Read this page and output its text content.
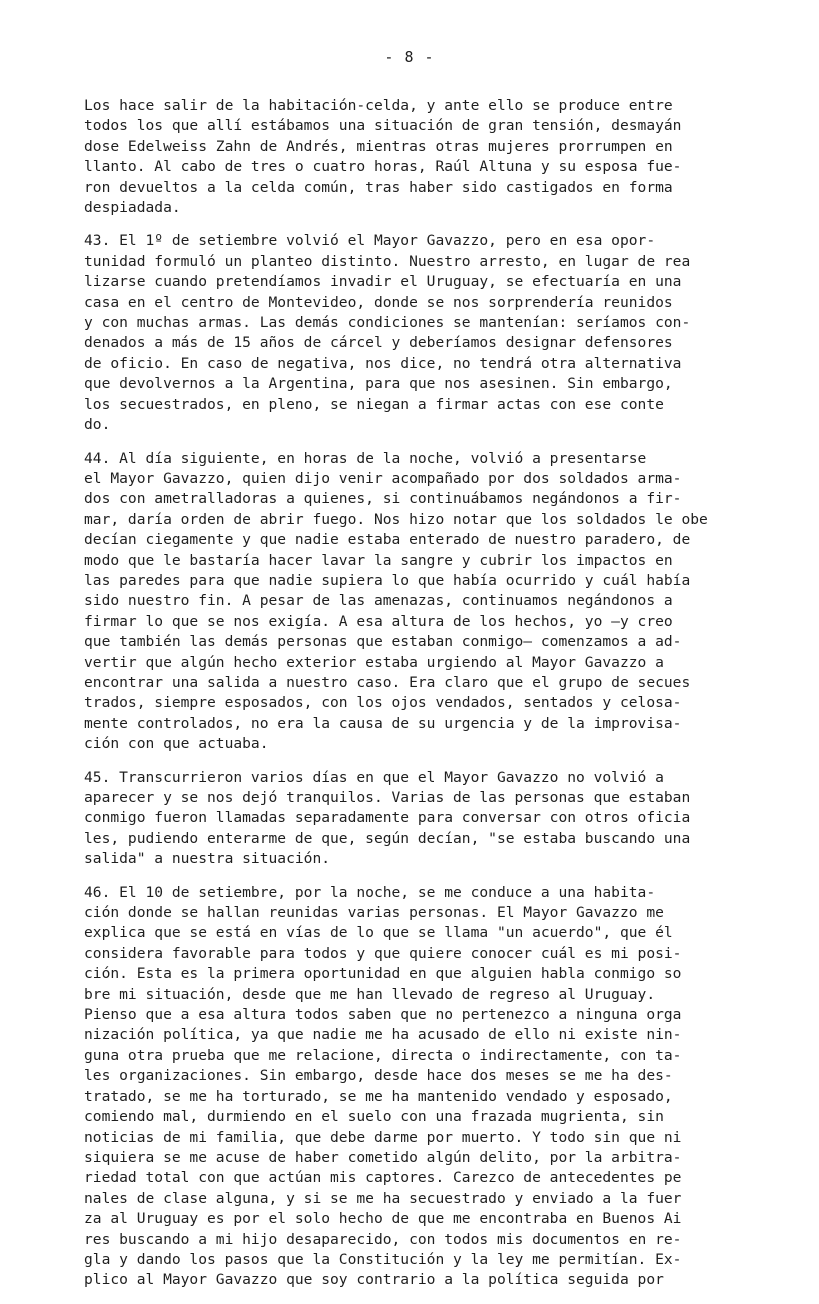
- 8 -

Los hace salir de la habitación-celda, y ante ello se produce entre
todos los que allí estábamos una situación de gran tensión, desmayán
dose Edelweiss Zahn de Andrés, mientras otras mujeres prorrumpen en
llanto. Al cabo de tres o cuatro horas, Raúl Altuna y su esposa fue-
ron devueltos a la celda común, tras haber sido castigados en forma
despiadada.

43. El 1º de setiembre volvió el Mayor Gavazzo, pero en esa opor-
tunidad formuló un planteo distinto. Nuestro arresto, en lugar de rea
lizarse cuando pretendíamos invadir el Uruguay, se efectuaría en una
casa en el centro de Montevideo, donde se nos sorprendería reunidos
y con muchas armas. Las demás condiciones se mantenían: seríamos con-
denados a más de 15 años de cárcel y deberíamos designar defensores
de oficio. En caso de negativa, nos dice, no tendrá otra alternativa
que devolvernos a la Argentina, para que nos asesinen. Sin embargo,
los secuestrados, en pleno, se niegan a firmar actas con ese conte
do.

44. Al día siguiente, en horas de la noche, volvió a presentarse
el Mayor Gavazzo, quien dijo venir acompañado por dos soldados arma-
dos con ametralladoras a quienes, si continuábamos negándonos a fir-
mar, daría orden de abrir fuego. Nos hizo notar que los soldados le obe
decían ciegamente y que nadie estaba enterado de nuestro paradero, de
modo que le bastaría hacer lavar la sangre y cubrir los impactos en
las paredes para que nadie supiera lo que había ocurrido y cuál había
sido nuestro fin. A pesar de las amenazas, continuamos negándonos a
firmar lo que se nos exigía. A esa altura de los hechos, yo —y creo
que también las demás personas que estaban conmigo— comenzamos a ad-
vertir que algún hecho exterior estaba urgiendo al Mayor Gavazzo a
encontrar una salida a nuestro caso. Era claro que el grupo de secues
trados, siempre esposados, con los ojos vendados, sentados y celosa-
mente controlados, no era la causa de su urgencia y de la improvisa-
ción con que actuaba.

45. Transcurrieron varios días en que el Mayor Gavazzo no volvió a
aparecer y se nos dejó tranquilos. Varias de las personas que estaban
conmigo fueron llamadas separadamente para conversar con otros oficia
les, pudiendo enterarme de que, según decían, "se estaba buscando una
salida" a nuestra situación.

46. El 10 de setiembre, por la noche, se me conduce a una habita-
ción donde se hallan reunidas varias personas. El Mayor Gavazzo me
explica que se está en vías de lo que se llama "un acuerdo", que él
considera favorable para todos y que quiere conocer cuál es mi posi-
ción. Esta es la primera oportunidad en que alguien habla conmigo so
bre mi situación, desde que me han llevado de regreso al Uruguay.
Pienso que a esa altura todos saben que no pertenezco a ninguna orga
nización política, ya que nadie me ha acusado de ello ni existe nin-
guna otra prueba que me relacione, directa o indirectamente, con ta-
les organizaciones. Sin embargo, desde hace dos meses se me ha des-
tratado, se me ha torturado, se me ha mantenido vendado y esposado,
comiendo mal, durmiendo en el suelo con una frazada mugrienta, sin
noticias de mi familia, que debe darme por muerto. Y todo sin que ni
siquiera se me acuse de haber cometido algún delito, por la arbitra-
riedad total con que actúan mis captores. Carezco de antecedentes pe
nales de clase alguna, y si se me ha secuestrado y enviado a la fuer
za al Uruguay es por el solo hecho de que me encontraba en Buenos Ai
res buscando a mi hijo desaparecido, con todos mis documentos en re-
gla y dando los pasos que la Constitución y la ley me permitían. Ex-
plico al Mayor Gavazzo que soy contrario a la política seguida por
